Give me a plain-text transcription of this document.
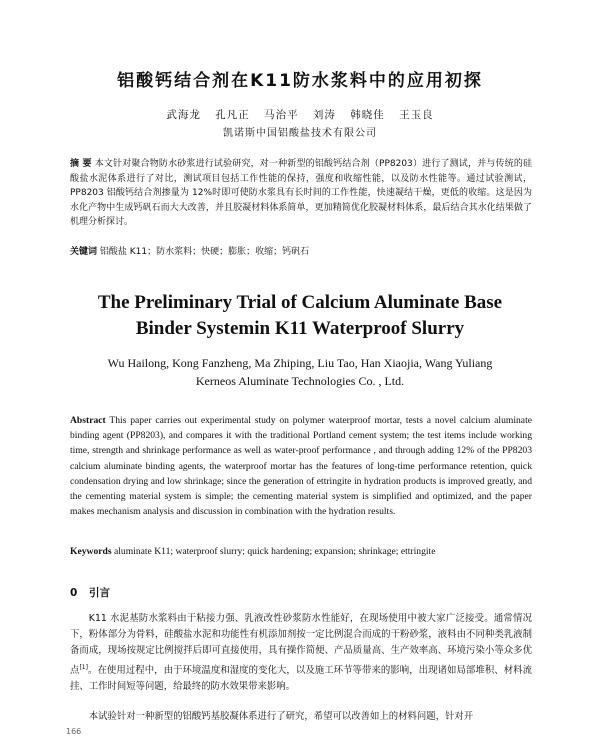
铝酸钙结合剂在K11防水浆料中的应用初探
武海龙 孔凡正 马治平 刘涛 韩晓佳 王玉良
凯诺斯中国铝酸盐技术有限公司
摘 要 本文针对聚合物防水砂浆进行试验研究，对一种新型的铝酸钙结合剂（PP8203）进行了测试，并与传统的硅酸盐水泥体系进行了对比，测试项目包括工作性能的保持，强度和收缩性能，以及防水性能等。通过试验测试，PP8203 铝酸钙结合剂掺量为 12%时即可使防水浆具有长时间的工作性能，快速凝结干燥，更低的收缩。这是因为水化产物中生成钙矾石而大大改善，并且胶凝材料体系简单，更加精简优化胶凝材料体系，最后结合其水化结果做了机理分析探讨。
关键词 铝酸盐 K11；防水浆料；快硬；膨胀；收缩；钙矾石
The Preliminary Trial of Calcium Aluminate Base
Binder Systemin K11 Waterproof Slurry
Wu Hailong, Kong Fanzheng, Ma Zhiping, Liu Tao, Han Xiaojia, Wang Yuliang
Kerneos Aluminate Technologies Co. , Ltd.
Abstract This paper carries out experimental study on polymer waterproof mortar, tests a novel calcium aluminate binding agent (PP8203), and compares it with the traditional Portland cement system; the test items include working time, strength and shrinkage performance as well as water-proof performance , and through adding 12% of the PP8203 calcium aluminate binding agents, the waterproof mortar has the features of long-time performance retention, quick condensation drying and low shrinkage; since the generation of ettringite in hydration products is improved greatly, and the cementing material system is simple; the cementing material system is simplified and optimized, and the paper makes mechanism analysis and discussion in combination with the hydration results.
Keywords aluminate K11; waterproof slurry; quick hardening; expansion; shrinkage; ettringite
0 引言
K11 水泥基防水浆料由于粘接力强、乳液改性砂浆防水性能好，在现场使用中被大家广泛接受。通常情况下，粉体部分为骨料，硅酸盐水泥和功能性有机添加剂按一定比例混合而成的干粉砂浆，液料由不同种类乳液制备而成，现场按规定比例搅拌后即可直接使用，具有操作简便、产品质量高、生产效率高、环境污染小等众多优点[1]。在使用过程中，由于环境温度和湿度的变化大，以及施工环节等带来的影响，出现诸如局部堆积、材料流挂、工作时间短等问题，给最终的防水效果带来影响。
本试验针对一种新型的铝酸钙基胶凝体系进行了研究，希望可以改善如上的材料问题，针对开
166
